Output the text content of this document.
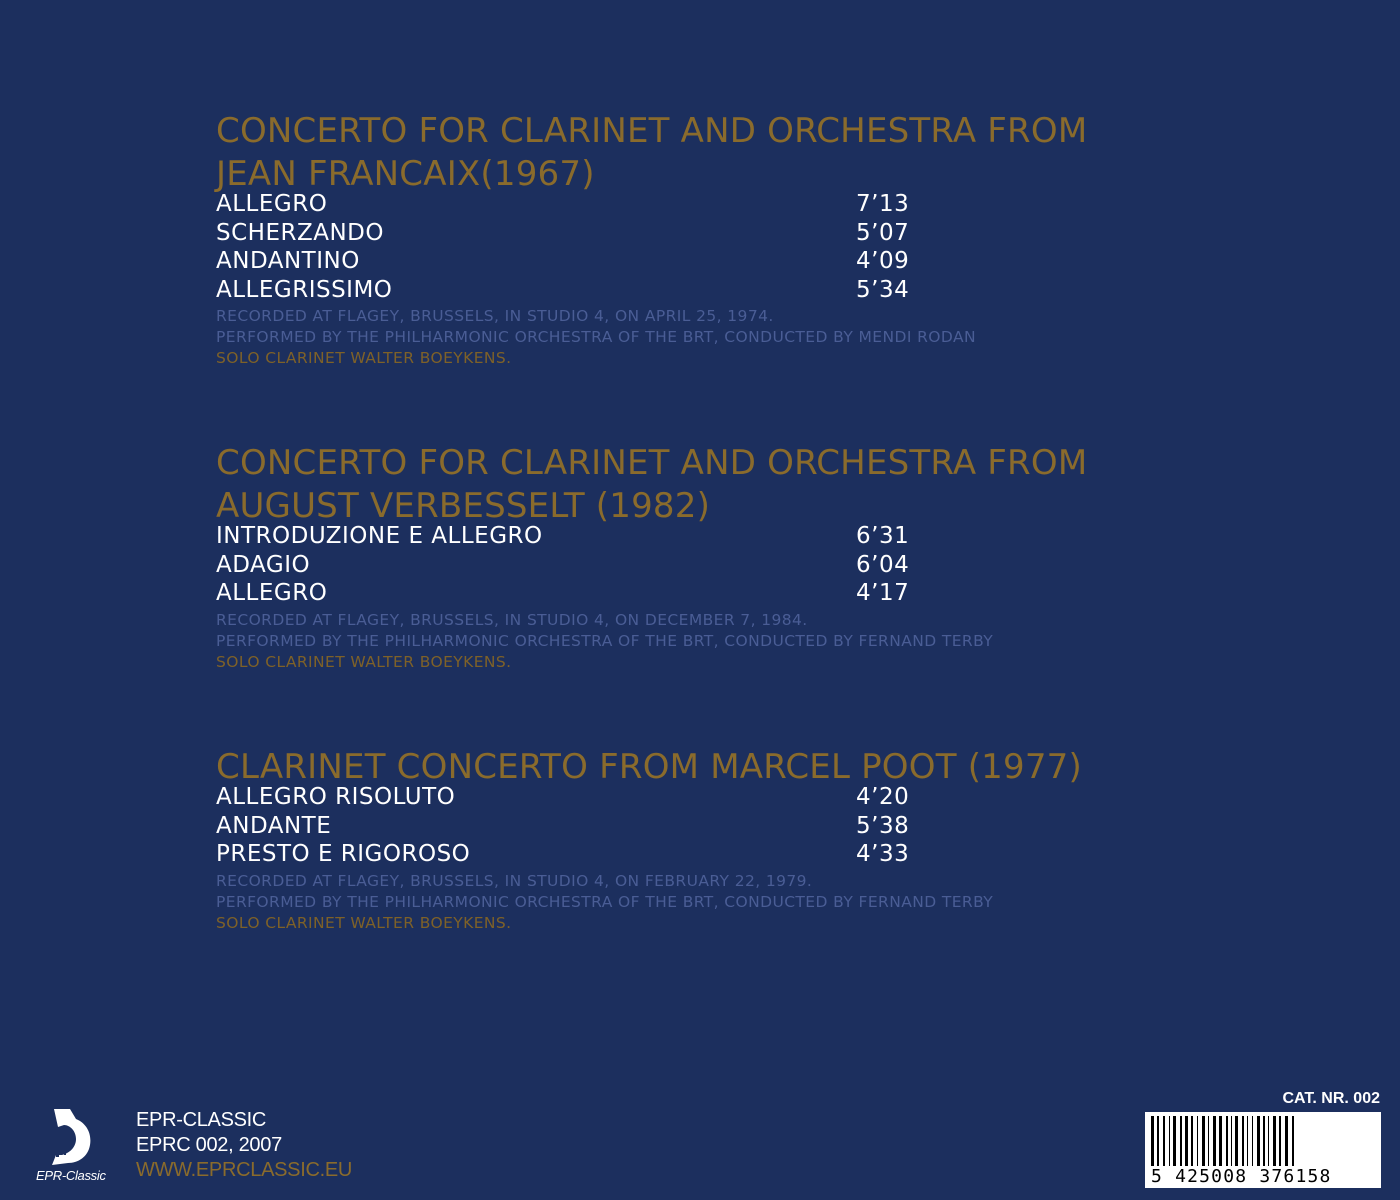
CONCERTO FOR CLARINET AND ORCHESTRA FROM
JEAN FRANCAIX(1967)
ALLEGRO	7’13
SCHERZANDO	5’07
ANDANTINO	4’09
ALLEGRISSIMO	5’34
RECORDED AT FLAGEY, BRUSSELS, IN STUDIO 4, ON APRIL 25, 1974.
PERFORMED BY THE PHILHARMONIC ORCHESTRA OF THE BRT, CONDUCTED BY MENDI RODAN
SOLO CLARINET WALTER BOEYKENS.
CONCERTO FOR CLARINET AND ORCHESTRA FROM
AUGUST VERBESSELT (1982)
INTRODUZIONE E ALLEGRO	6’31
ADAGIO	6’04
ALLEGRO	4’17
RECORDED AT FLAGEY, BRUSSELS, IN STUDIO 4, ON DECEMBER 7, 1984.
PERFORMED BY THE PHILHARMONIC ORCHESTRA OF THE BRT, CONDUCTED BY FERNAND TERBY
SOLO CLARINET WALTER BOEYKENS.
CLARINET CONCERTO FROM MARCEL POOT (1977)
ALLEGRO RISOLUTO	4’20
ANDANTE	5’38
PRESTO E RIGOROSO	4’33
RECORDED AT FLAGEY, BRUSSELS, IN STUDIO 4, ON FEBRUARY 22, 1979.
PERFORMED BY THE PHILHARMONIC ORCHESTRA OF THE BRT, CONDUCTED BY FERNAND TERBY
SOLO CLARINET WALTER BOEYKENS.
EPR-Classic
EPR-CLASSIC
EPRC 002, 2007
WWW.EPRCLASSIC.EU
CAT. NR. 002
5 425008 376158
